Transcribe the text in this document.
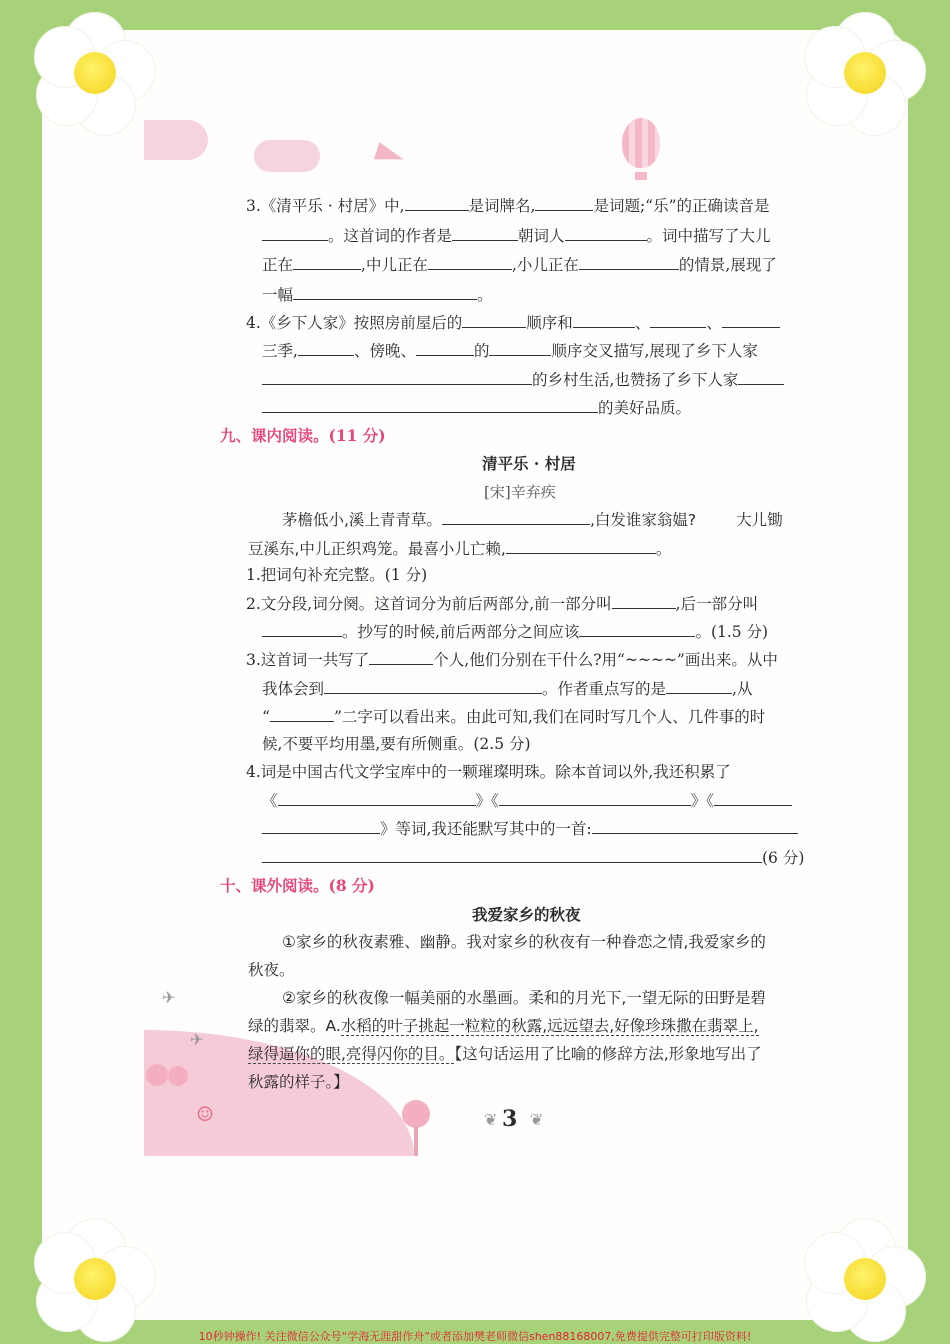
✈
✈
☺
3.《清平乐 · 村居》中,	是词牌名,	是词题;“乐”的正确读音是
。这首词的作者是	朝词人	。词中描写了大儿
正在	,中儿正在	,小儿正在	的情景,展现了
一幅	。
4.《乡下人家》按照房前屋后的	顺序和	、	、
三季,	、傍晚、	的	顺序交叉描写,展现了乡下人家
的乡村生活,也赞扬了乡下人家
的美好品质。
九、课内阅读。(11 分)
清平乐 · 村居
[宋]辛弃疾
茅檐低小,溪上青青草。	,白发谁家翁媪?	大儿锄
豆溪东,中儿正织鸡笼。最喜小儿亡赖,	。
1.把词句补充完整。(1 分)
2.文分段,词分阕。这首词分为前后两部分,前一部分叫	,后一部分叫
。抄写的时候,前后两部分之间应该	。(1.5 分)
3.这首词一共写了	个人,他们分别在干什么?用“~~~~”画出来。从中
我体会到	。作者重点写的是	,从
“	”二字可以看出来。由此可知,我们在同时写几个人、几件事的时
候,不要平均用墨,要有所侧重。(2.5 分)
4.词是中国古代文学宝库中的一颗璀璨明珠。除本首词以外,我还积累了
《	》《	》《
》等词,我还能默写其中的一首:
(6 分)
十、课外阅读。(8 分)
我爱家乡的秋夜
①家乡的秋夜素雅、幽静。我对家乡的秋夜有一种眷恋之情,我爱家乡的
秋夜。
②家乡的秋夜像一幅美丽的水墨画。柔和的月光下,一望无际的田野是碧
绿的翡翠。A.水稻的叶子挑起一粒粒的秋露,远远望去,好像珍珠撒在翡翠上,
绿得逼你的眼,亮得闪你的目。【这句话运用了比喻的修辞方法,形象地写出了
秋露的样子。】
❦ 3 ❦
10秒钟操作! 关注微信公众号“学海无涯甜作舟”或者添加樊老师微信shen88168007,免费提供完整可打印版资料!
